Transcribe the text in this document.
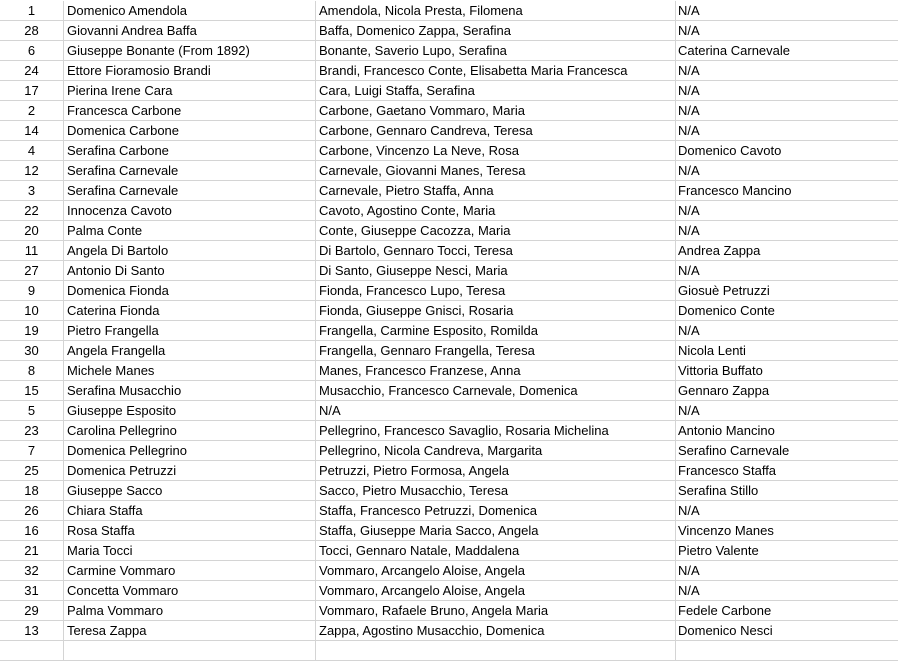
1	Domenico Amendola	Amendola, Nicola Presta, Filomena	N/A
28	Giovanni Andrea Baffa	Baffa, Domenico Zappa, Serafina	N/A
6	Giuseppe Bonante (From 1892)	Bonante, Saverio Lupo, Serafina	Caterina Carnevale
24	Ettore Fioramosio Brandi	Brandi, Francesco Conte, Elisabetta Maria Francesca	N/A
17	Pierina Irene Cara	Cara, Luigi Staffa, Serafina	N/A
2	Francesca Carbone	Carbone, Gaetano Vommaro, Maria	N/A
14	Domenica Carbone	Carbone, Gennaro Candreva, Teresa	N/A
4	Serafina Carbone	Carbone, Vincenzo La Neve, Rosa	Domenico Cavoto
12	Serafina Carnevale	Carnevale, Giovanni Manes, Teresa	N/A
3	Serafina Carnevale	Carnevale, Pietro Staffa, Anna	Francesco Mancino
22	Innocenza Cavoto	Cavoto, Agostino Conte, Maria	N/A
20	Palma Conte	Conte, Giuseppe Cacozza, Maria	N/A
11	Angela Di Bartolo	Di Bartolo, Gennaro Tocci, Teresa	Andrea Zappa
27	Antonio Di Santo	Di Santo, Giuseppe Nesci, Maria	N/A
9	Domenica Fionda	Fionda, Francesco Lupo, Teresa	Giosuè Petruzzi
10	Caterina Fionda	Fionda, Giuseppe Gnisci, Rosaria	Domenico Conte
19	Pietro Frangella	Frangella, Carmine Esposito, Romilda	N/A
30	Angela Frangella	Frangella, Gennaro Frangella, Teresa	Nicola Lenti
8	Michele Manes	Manes, Francesco Franzese, Anna	Vittoria Buffato
15	Serafina Musacchio	Musacchio, Francesco Carnevale, Domenica	Gennaro Zappa
5	Giuseppe Esposito	N/A	N/A
23	Carolina Pellegrino	Pellegrino, Francesco Savaglio, Rosaria Michelina	Antonio Mancino
7	Domenica Pellegrino	Pellegrino, Nicola Candreva, Margarita	Serafino Carnevale
25	Domenica Petruzzi	Petruzzi, Pietro Formosa, Angela	Francesco Staffa
18	Giuseppe Sacco	Sacco, Pietro Musacchio, Teresa	Serafina Stillo
26	Chiara Staffa	Staffa, Francesco Petruzzi, Domenica	N/A
16	Rosa Staffa	Staffa, Giuseppe Maria Sacco, Angela	Vincenzo Manes
21	Maria Tocci	Tocci, Gennaro Natale, Maddalena	Pietro Valente
32	Carmine Vommaro	Vommaro, Arcangelo Aloise, Angela	N/A
31	Concetta Vommaro	Vommaro, Arcangelo Aloise, Angela	N/A
29	Palma Vommaro	Vommaro, Rafaele Bruno, Angela Maria	Fedele Carbone
13	Teresa Zappa	Zappa, Agostino Musacchio, Domenica	Domenico Nesci
